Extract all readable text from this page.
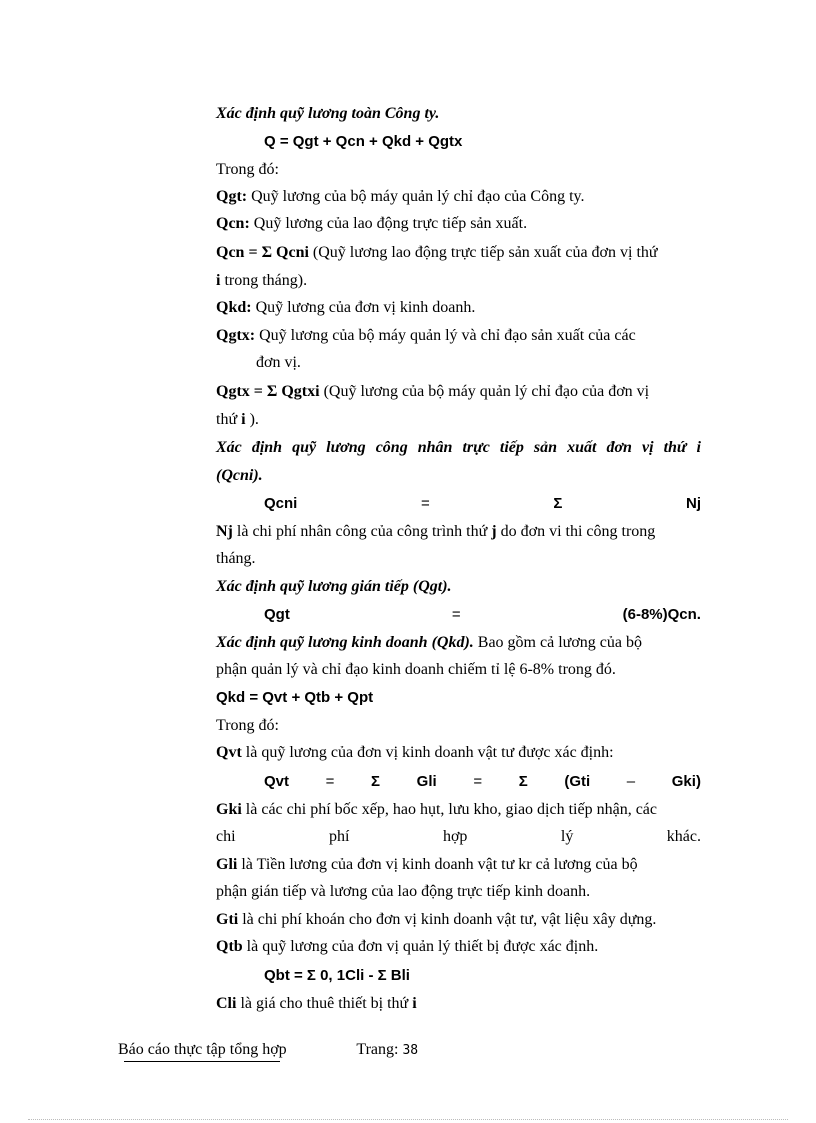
Xác định quỹ lương toàn Công ty.
Q = Qgt + Qcn + Qkd + Qgtx
Trong đó:
Qgt: Quỹ lương của bộ máy quản lý chỉ đạo của Công ty.
Qcn: Quỹ lương của lao động trực tiếp sản xuất.
Qcn = Σ Qcni (Quỹ lương lao động trực tiếp sản xuất của đơn vị thứ
i trong tháng).
Qkd: Quỹ lương của đơn vị kinh doanh.
Qgtx: Quỹ lương của bộ máy quản lý và chỉ đạo sản xuất của các
đơn vị.
Qgtx = Σ Qgtxi (Quỹ lương của bộ máy quản lý chỉ đạo của đơn vị
thứ i ).
Xác định quỹ lương công nhân trực tiếp sản xuất đơn vị thứ i
(Qcni).
Qcni	=	Σ	Nj
Nj là chi phí nhân công của công trình thứ j do đơn vi thi công trong
tháng.
Xác định quỹ lương gián tiếp (Qgt).
Qgt	=	(6-8%)Qcn.
Xác định quỹ lương kinh doanh (Qkd). Bao gồm cả lương của bộ
phận quản lý và chỉ đạo kinh doanh chiếm tỉ lệ 6-8% trong đó.
Qkd = Qvt + Qtb + Qpt
Trong đó:
Qvt là quỹ lương của đơn vị kinh doanh vật tư được xác định:
Qvt = Σ Gli = Σ (Gti – Gki)
Gki là các chi phí bốc xếp, hao hụt, lưu kho, giao dịch tiếp nhận, các
chi	phí	hợp	lý	khác.
Gli là Tiền lương của đơn vị kinh doanh vật tư kr cả lương của bộ
phận gián tiếp và lương của lao động trực tiếp kinh doanh.
Gti là chi phí khoán cho đơn vị kinh doanh vật tư, vật liệu xây dựng.
Qtb là quỹ lương của đơn vị quản lý thiết bị được xác định.
Qbt = Σ 0, 1Cli - Σ Bli
Cli là giá cho thuê thiết bị thứ i
Báo cáo thực tập tổng hợp	Trang: 38
